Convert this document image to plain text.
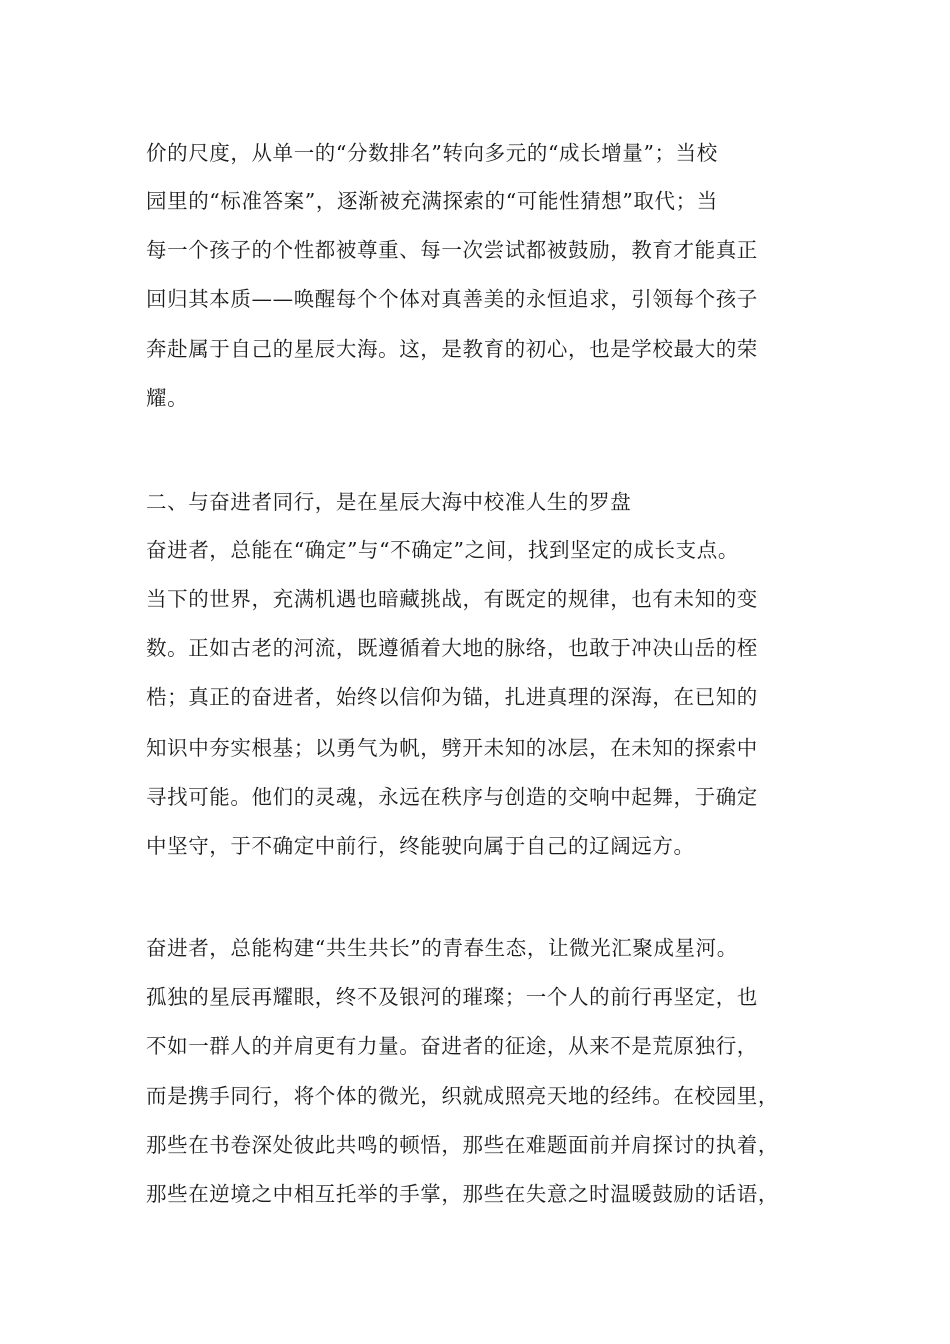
价的尺度，从单一的“分数排名”转向多元的“成长增量”；当校
园里的“标准答案”，逐渐被充满探索的“可能性猜想”取代；当
每一个孩子的个性都被尊重、每一次尝试都被鼓励，教育才能真正
回归其本质——唤醒每个个体对真善美的永恒追求，引领每个孩子
奔赴属于自己的星辰大海。这，是教育的初心，也是学校最大的荣
耀。
二、与奋进者同行，是在星辰大海中校准人生的罗盘
奋进者，总能在“确定”与“不确定”之间，找到坚定的成长支点。
当下的世界，充满机遇也暗藏挑战，有既定的规律，也有未知的变
数。正如古老的河流，既遵循着大地的脉络，也敢于冲决山岳的桎
梏；真正的奋进者，始终以信仰为锚，扎进真理的深海，在已知的
知识中夯实根基；以勇气为帆，劈开未知的冰层，在未知的探索中
寻找可能。他们的灵魂，永远在秩序与创造的交响中起舞，于确定
中坚守，于不确定中前行，终能驶向属于自己的辽阔远方。
奋进者，总能构建“共生共长”的青春生态，让微光汇聚成星河。
孤独的星辰再耀眼，终不及银河的璀璨；一个人的前行再坚定，也
不如一群人的并肩更有力量。奋进者的征途，从来不是荒原独行，
而是携手同行，将个体的微光，织就成照亮天地的经纬。在校园里，
那些在书卷深处彼此共鸣的顿悟，那些在难题面前并肩探讨的执着，
那些在逆境之中相互托举的手掌，那些在失意之时温暖鼓励的话语，
